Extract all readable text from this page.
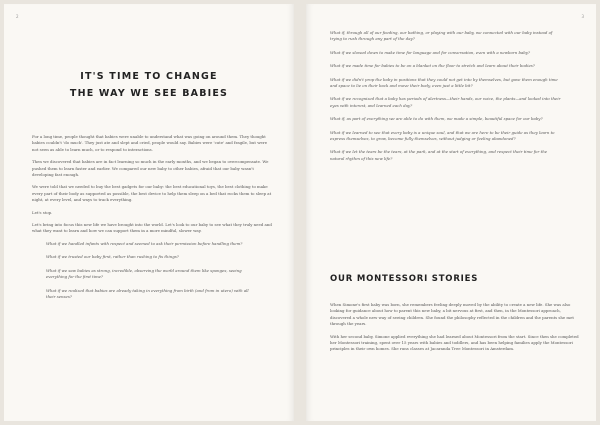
2
IT'S TIME TO CHANGE
THE WAY WE SEE BABIES

For a long time, people thought that babies were unable to understand what was going on around them. They thought babies couldn't 'do much'. They just ate and slept and cried, people would say. Babies were 'cute' and fragile, but were not seen as able to learn much, or to respond to interactions.

Then we discovered that babies are in fact learning so much in the early months, and we began to overcompensate. We pushed them to learn faster and earlier. We compared our new baby to other babies, afraid that our baby wasn't developing fast enough.

We were told that we needed to buy the best gadgets for our baby: the best educational toys, the best clothing to make every part of their body as supported as possible, the best device to help them sleep on a bed that rocks them to sleep at night, at every level, and ways to track everything.

Let's stop.

Let's bring into focus this new life we have brought into the world. Let's look to our baby to see what they truly need and what they want to learn and how we can support them in a more mindful, slower way.

What if we handled infants with respect and seemed to ask their permission before handling them?
What if we trusted our baby first, rather than rushing to fix things?
What if we saw babies as strong, incredible, observing the world around them like sponges, seeing everything for the first time?
What if we realized that babies are already taking in everything from birth (and from in utero) with all their senses?
3
What if, through all of our feeding, our bathing, or playing with our baby, we connected with our baby instead of trying to rush through any part of the day?
What if we slowed down to make time for language and for conversation, even with a newborn baby?
What if we made time for babies to be on a blanket on the floor to stretch and learn about their bodies?
What if we didn't prop the baby in positions that they could not get into by themselves, but gave them enough time and space to lie on their back and move their body, even just a little bit?
What if we recognized that a baby has periods of alertness—their hands, our voice, the plants—and looked into their eyes with interest, and learned each day?
What if, as part of everything we are able to do with them, we made a simple, beautiful space for our baby?
What if we learned to see that every baby is a unique soul, and that we are here to be their guide as they learn to express themselves, to grow, become fully themselves, without judging or feeling abandoned?
What if we let the tears be the tears, at the park, and at the start of everything, and respect their time for the natural rhythm of this new life?
OUR MONTESSORI STORIES

When Simone's first baby was born, she remembers feeling deeply moved by the ability to create a new life. She was also looking for guidance about how to parent this new baby, a bit nervous at first, and then, in the Montessori approach, discovered a whole new way of seeing children. She found the philosophy reflected in the children and the parents she met through the years.

With her second baby, Simone applied everything she had learned about Montessori from the start. Since then she completed her Montessori training, spent over 15 years with babies and toddlers, and has been helping families apply the Montessori principles in their own homes. She runs classes at Jacaranda Tree Montessori in Amsterdam.
